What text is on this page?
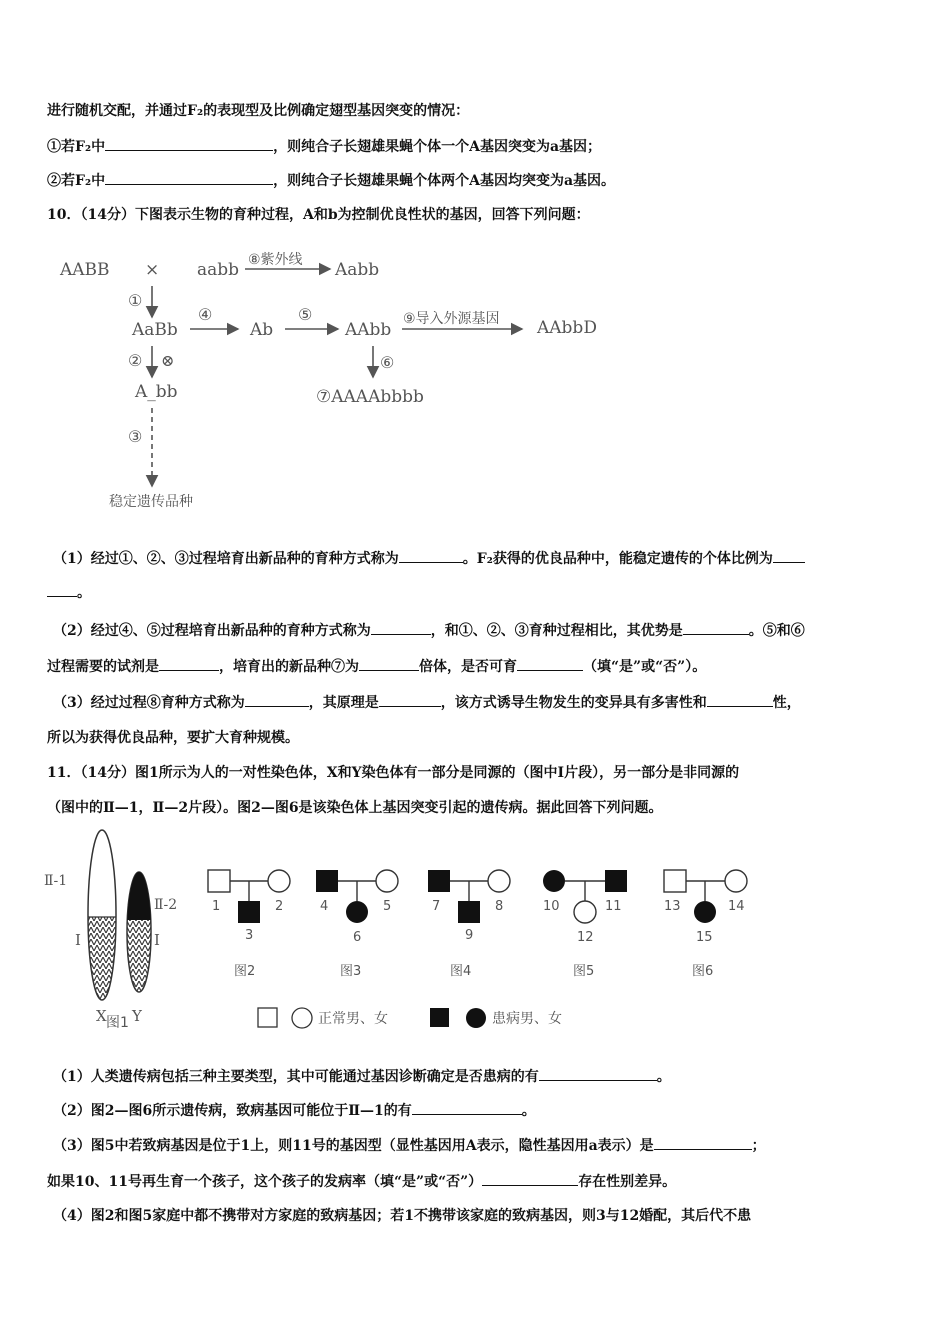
进行随机交配，并通过F₂的表现型及比例确定翅型基因突变的情况：
①若F₂中	，则纯合子长翅雄果蝇个体一个A基因突变为a基因；
②若F₂中	，则纯合子长翅雄果蝇个体两个A基因均突变为a基因。
10．（14分）下图表示生物的育种过程，A和b为控制优良性状的基因，回答下列问题：
AABB × aabb ⑧紫外线 Aabb
①
AaBb
④
Ab
⑤
AAbb
⑨导入外源基因 AAbbD
② ⊗	⑥
A_bb	⑦AAAAbbbb
③
稳定遗传品种
（1）经过①、②、③过程培育出新品种的育种方式称为	。F₂获得的优良品种中，能稳定遗传的个体比例为
。
（2）经过④、⑤过程培育出新品种的育种方式称为	，和①、②、③育种过程相比，其优势是	。⑤和⑥
过程需要的试剂是	，培育出的新品种⑦为	倍体，是否可育	（填“是”或“否”）。
（3）经过过程⑧育种方式称为	，其原理是	，该方式诱导生物发生的变异具有多害性和	性，
所以为获得优良品种，要扩大育种规模。
11．（14分）图1所示为人的一对性染色体，X和Y染色体有一部分是同源的（图中Ⅰ片段），另一部分是非同源的
（图中的Ⅱ—1，Ⅱ—2片段）。图2—图6是该染色体上基因突变引起的遗传病。据此回答下列问题。
Ⅱ-1
Ⅱ-2
Ⅰ	Ⅰ
X Y
图1
1	2
3
图2
4	5
6
图3
7	8
9
图4
10	11
12
图5
13	14
15
图6
正常男、女	患病男、女
（1）人类遗传病包括三种主要类型，其中可能通过基因诊断确定是否患病的有	。
（2）图2—图6所示遗传病，致病基因可能位于Ⅱ—1的有	。
（3）图5中若致病基因是位于1上，则11号的基因型（显性基因用A表示，隐性基因用a表示）是	；
如果10、11号再生育一个孩子，这个孩子的发病率（填“是”或“否”）	存在性别差异。
（4）图2和图5家庭中都不携带对方家庭的致病基因；若1不携带该家庭的致病基因，则3与12婚配，其后代不患
